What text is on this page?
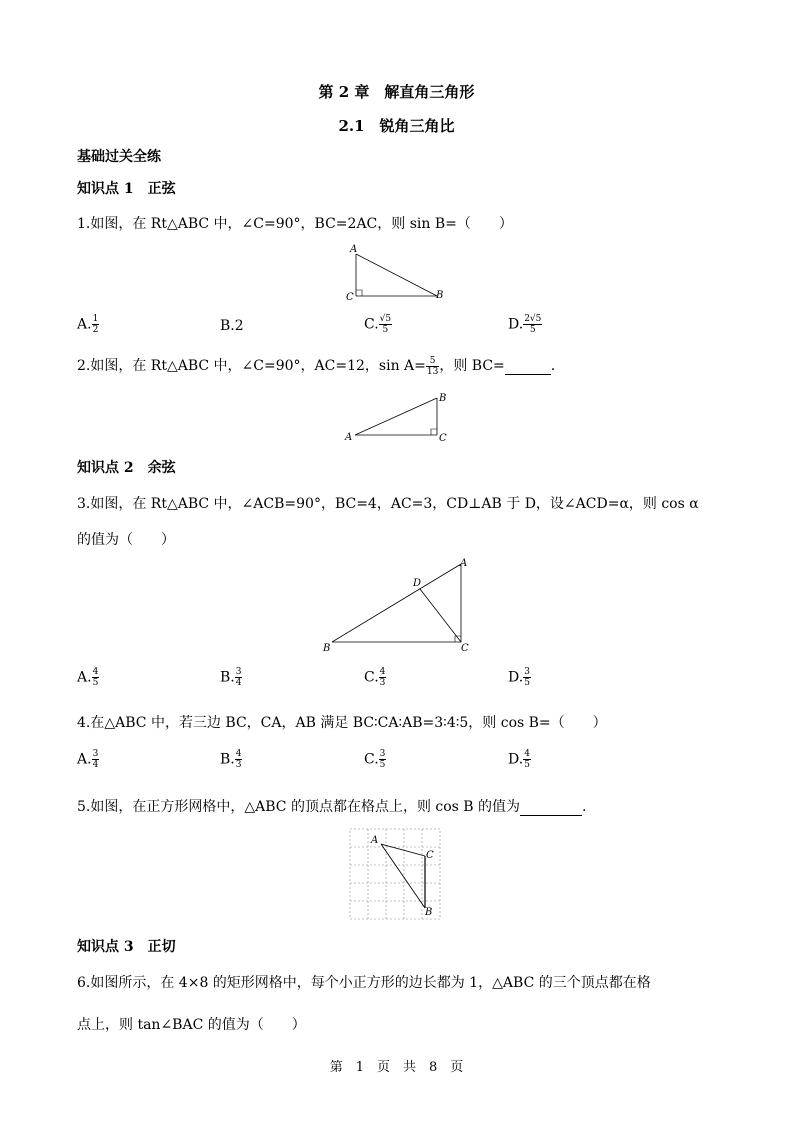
第 2 章　解直角三角形
2.1　锐角三角比
基础过关全练
知识点 1　正弦
1.如图，在 Rt△ABC 中，∠C=90°，BC=2AC，则 sin B=（　　）
A
B
C
A. $\frac{1}{2}$	B.2	C. $\frac{√5}{5}$	D. $\frac{2√5}{5}$
2.如图，在 Rt△ABC 中，∠C=90°，AC=12，$\sin A= \frac{5}{13}$ ，则 BC=	.
A
B
C
知识点 2　余弦
3.如图，在 Rt△ABC 中，∠ACB=90°，BC=4，AC=3，CD⊥AB 于 D，设∠ACD=α，则 cos α
的值为（　　）
A
B	C
D
A. $\frac{4}{5}$	B. $\frac{3}{4}$	C. $\frac{4}{3}$	D. $\frac{3}{5}$
4.在△ABC 中，若三边 BC，CA，AB 满足 BC∶CA∶AB=3∶4∶5，则 cos B=（　　）
A. $\frac{3}{4}$	B. $\frac{4}{3}$	C. $\frac{3}{5}$	D. $\frac{4}{5}$
5.如图，在正方形网格中，△ABC 的顶点都在格点上，则 cos B 的值为	.
A
B
C
知识点 3　正切
6.如图所示，在 4×8 的矩形网格中，每个小正方形的边长都为 1，△ABC 的三个顶点都在格
点上，则 tan∠BAC 的值为（　　）
第　1　页　共　8　页
